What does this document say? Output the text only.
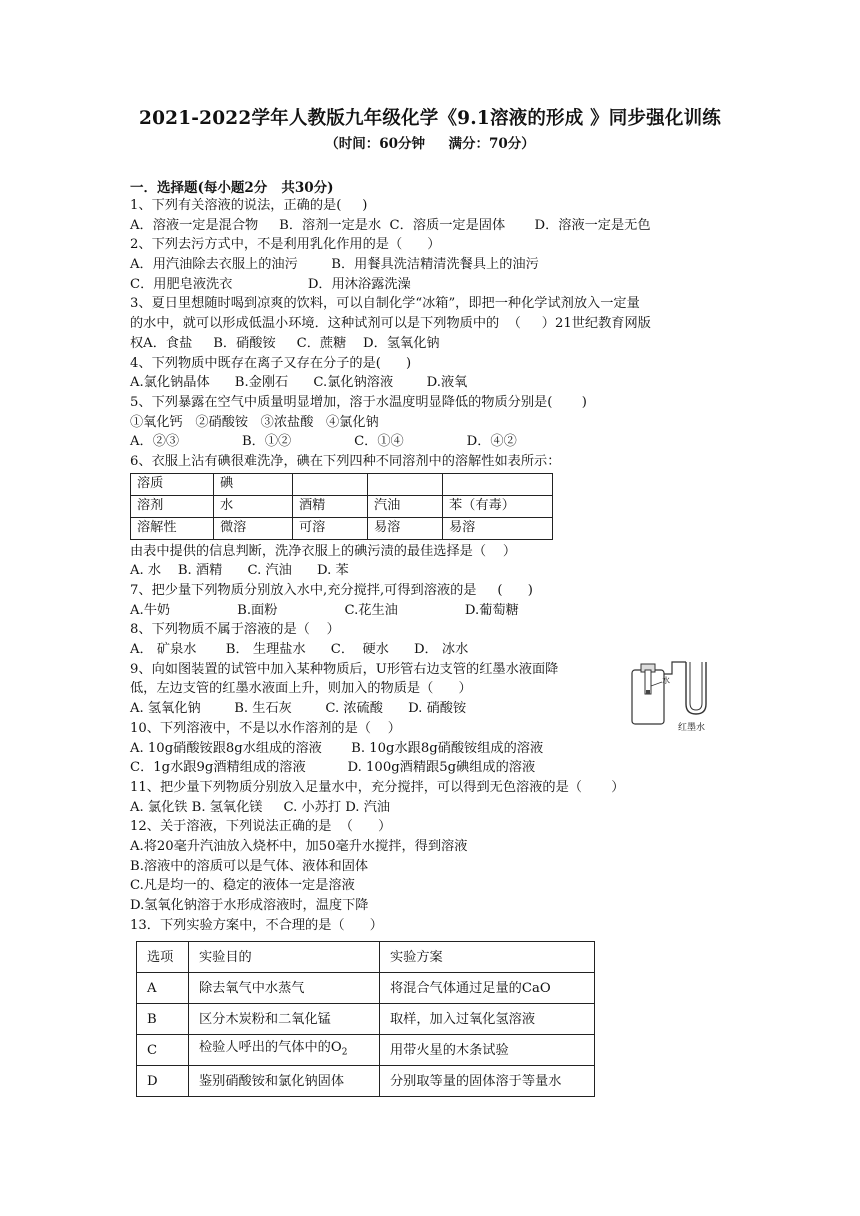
2021-2022学年人教版九年级化学《9.1溶液的形成 》同步强化训练
（时间：60分钟     满分：70分）
一．选择题(每小题2分   共30分)
1、下列有关溶液的说法，正确的是(     )
A．溶液一定是混合物     B．溶剂一定是水  C．溶质一定是固体       D．溶液一定是无色
2、下列去污方式中，不是利用乳化作用的是（      ）
A．用汽油除去衣服上的油污        B．用餐具洗洁精清洗餐具上的油污
C．用肥皂液洗衣                  D．用沐浴露洗澡
3、夏日里想随时喝到凉爽的饮料，可以自制化学“冰箱”，即把一种化学试剂放入一定量
的水中，就可以形成低温小环境．这种试剂可以是下列物质中的  （     ）21世纪教育网版
权A．食盐     B．硝酸铵     C．蔗糖    D．氢氧化钠
4、下列物质中既存在离子又存在分子的是(      )
A.氯化钠晶体      B.金刚石      C.氯化钠溶液        D.液氧
5、下列暴露在空气中质量明显增加，溶于水温度明显降低的物质分别是(       )
①氧化钙   ②硝酸铵   ③浓盐酸   ④氯化钠
A．②③               B．①②               C．①④               D．④②
6、衣服上沾有碘很难洗净，碘在下列四种不同溶剂中的溶解性如表所示：
溶质	碘			
溶剂	水	酒精	汽油	苯（有毒）
溶解性	微溶	可溶	易溶	易溶
由表中提供的信息判断，洗净衣服上的碘污渍的最佳选择是（    ）
A. 水    B. 酒精      C. 汽油      D. 苯
7、把少量下列物质分别放入水中,充分搅拌,可得到溶液的是     (      )
A.牛奶                B.面粉                C.花生油                D.葡萄糖
8、下列物质不属于溶液的是（    ）
A． 矿泉水       B． 生理盐水      C．  硬水      D． 冰水
9、向如图装置的试管中加入某种物质后，U形管右边支管的红墨水液面降
低，左边支管的红墨水液面上升，则加入的物质是（      ）
A. 氢氧化钠        B. 生石灰        C. 浓硫酸      D. 硝酸铵
10、下列溶液中，不是以水作溶剂的是（    ）
A. 10g硝酸铵跟8g水组成的溶液       B. 10g水跟8g硝酸铵组成的溶液
C．1g水跟9g酒精组成的溶液          D. 100g酒精跟5g碘组成的溶液
11、把少量下列物质分别放入足量水中，充分搅拌，可以得到无色溶液的是（       ）
A. 氯化铁 B. 氢氧化镁     C. 小苏打 D. 汽油
12、关于溶液，下列说法正确的是  （      ）
A.将20毫升汽油放入烧杯中，加50毫升水搅拌，得到溶液
B.溶液中的溶质可以是气体、液体和固体
C.凡是均一的、稳定的液体一定是溶液
D.氢氧化钠溶于水形成溶液时，温度下降
13．下列实验方案中，不合理的是（      ）
选项	实验目的	实验方案
A	除去氧气中水蒸气	将混合气体通过足量的CaO
B	区分木炭粉和二氧化锰	取样，加入过氧化氢溶液
C	检验人呼出的气体中的$O_2$	用带火星的木条试验
D	鉴别硝酸铵和氯化钠固体	分别取等量的固体溶于等量水
水
红墨水
